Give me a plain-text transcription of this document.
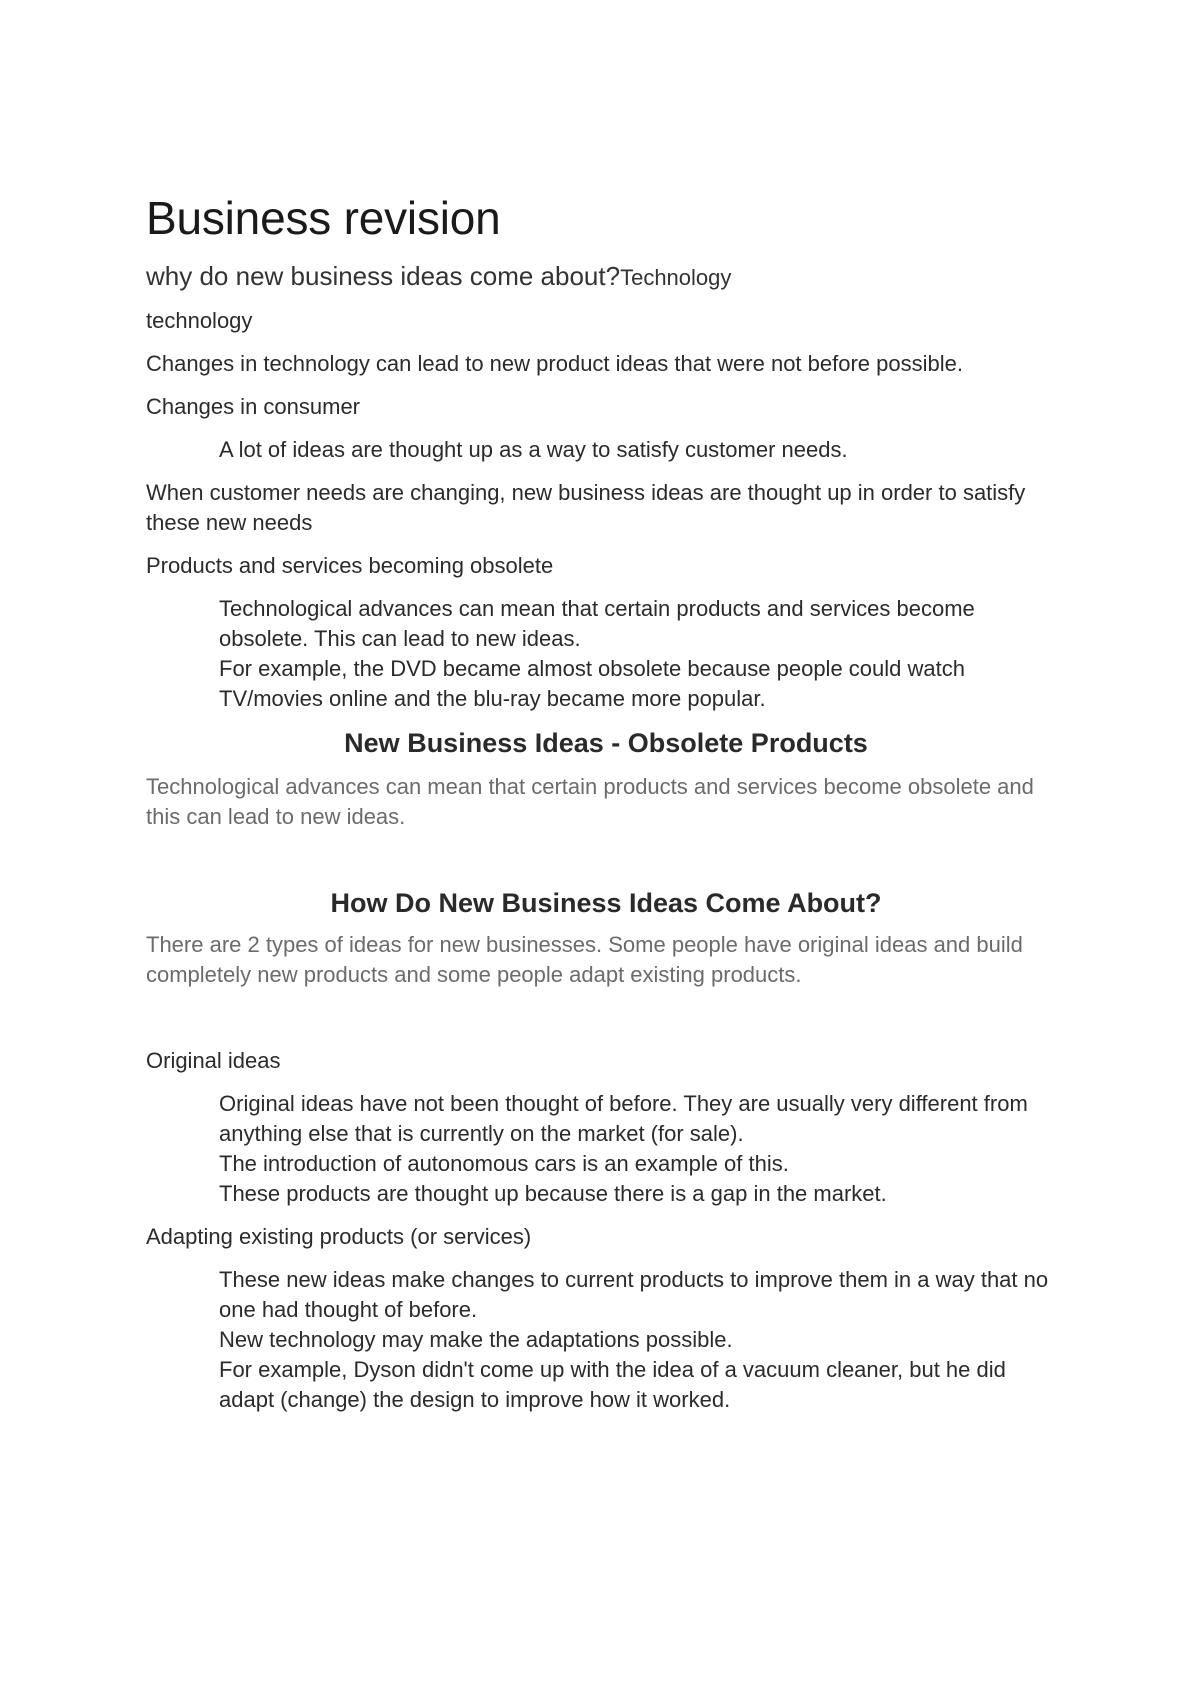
Business revision
why do new business ideas come about?Technology

technology

Changes in technology can lead to new product ideas that were not before possible.

Changes in consumer

A lot of ideas are thought up as a way to satisfy customer needs.

When customer needs are changing, new business ideas are thought up in order to satisfy these new needs

Products and services becoming obsolete

Technological advances can mean that certain products and services become obsolete. This can lead to new ideas.

For example, the DVD became almost obsolete because people could watch TV/movies online and the blu-ray became more popular.

New Business Ideas - Obsolete Products

Technological advances can mean that certain products and services become obsolete and this can lead to new ideas.

How Do New Business Ideas Come About?

There are 2 types of ideas for new businesses. Some people have original ideas and build completely new products and some people adapt existing products.

Original ideas

Original ideas have not been thought of before. They are usually very different from anything else that is currently on the market (for sale).

The introduction of autonomous cars is an example of this.

These products are thought up because there is a gap in the market.

Adapting existing products (or services)

These new ideas make changes to current products to improve them in a way that no one had thought of before.

New technology may make the adaptations possible.

For example, Dyson didn't come up with the idea of a vacuum cleaner, but he did adapt (change) the design to improve how it worked.
